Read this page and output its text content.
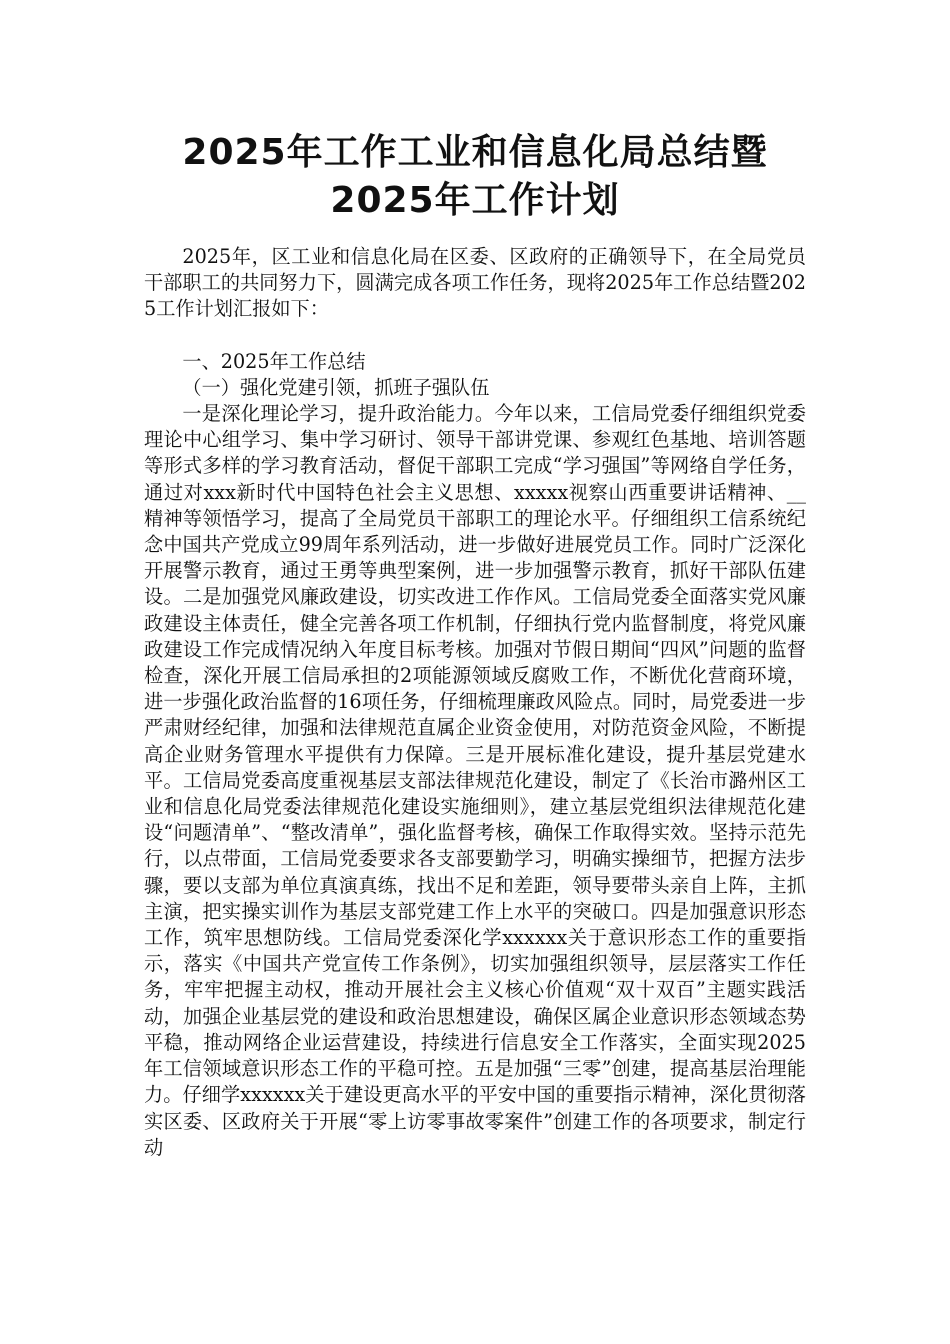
2025年工作工业和信息化局总结暨
2025年工作计划

2025年，区工业和信息化局在区委、区政府的正确领导下，在全局党员干部职工的共同努力下，圆满完成各项工作任务，现将2025年工作总结暨2025工作计划汇报如下：

一、2025年工作总结

（一）强化党建引领，抓班子强队伍

一是深化理论学习，提升政治能力。今年以来，工信局党委仔细组织党委理论中心组学习、集中学习研讨、领导干部讲党课、参观红色基地、培训答题等形式多样的学习教育活动，督促干部职工完成“学习强国”等网络自学任务，通过对xxx新时代中国特色社会主义思想、xxxxx视察山西重要讲话精神、__精神等领悟学习，提高了全局党员干部职工的理论水平。仔细组织工信系统纪念中国共产党成立99周年系列活动，进一步做好进展党员工作。同时广泛深化开展警示教育，通过王勇等典型案例，进一步加强警示教育，抓好干部队伍建设。二是加强党风廉政建设，切实改进工作作风。工信局党委全面落实党风廉政建设主体责任，健全完善各项工作机制，仔细执行党内监督制度，将党风廉政建设工作完成情况纳入年度目标考核。加强对节假日期间“四风”问题的监督检查，深化开展工信局承担的2项能源领域反腐败工作，不断优化营商环境，进一步强化政治监督的16项任务，仔细梳理廉政风险点。同时，局党委进一步严肃财经纪律，加强和法律规范直属企业资金使用，对防范资金风险，不断提高企业财务管理水平提供有力保障。三是开展标准化建设，提升基层党建水平。工信局党委高度重视基层支部法律规范化建设，制定了《长治市潞州区工业和信息化局党委法律规范化建设实施细则》，建立基层党组织法律规范化建设“问题清单”、“整改清单”，强化监督考核，确保工作取得实效。坚持示范先行，以点带面，工信局党委要求各支部要勤学习，明确实操细节，把握方法步骤，要以支部为单位真演真练，找出不足和差距，领导要带头亲自上阵，主抓主演，把实操实训作为基层支部党建工作上水平的突破口。四是加强意识形态工作，筑牢思想防线。工信局党委深化学xxxxxx关于意识形态工作的重要指示，落实《中国共产党宣传工作条例》，切实加强组织领导，层层落实工作任务，牢牢把握主动权，推动开展社会主义核心价值观“双十双百”主题实践活动，加强企业基层党的建设和政治思想建设，确保区属企业意识形态领域态势平稳，推动网络企业运营建设，持续进行信息安全工作落实，全面实现2025年工信领域意识形态工作的平稳可控。五是加强“三零”创建，提高基层治理能力。仔细学xxxxxx关于建设更高水平的平安中国的重要指示精神，深化贯彻落实区委、区政府关于开展“零上访零事故零案件”创建工作的各项要求，制定行动
